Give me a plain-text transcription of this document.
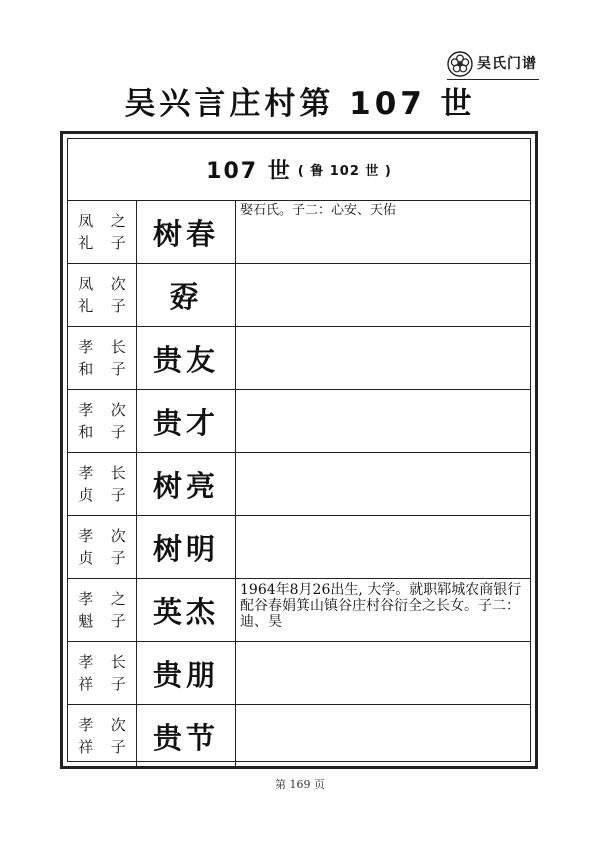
吴氏门谱
吴兴言庄村第 107 世
107 世 ( 鲁 102 世 )
凤礼

之子 树春
娶石氏。子二：心安、天佑
凤礼

次子	孬
孝和

长子 贵友
孝和

次子 贵才
孝贞

长子 树亮
孝贞

次子 树明
孝魁

之子 英杰
1964年8月26出生, 大学。就职郓城农商银行配谷春娟箕山镇谷庄村谷衍全之长女。子二：迪、昊
孝祥

长子 贵朋
孝祥

次子 贵节
第 169 页
